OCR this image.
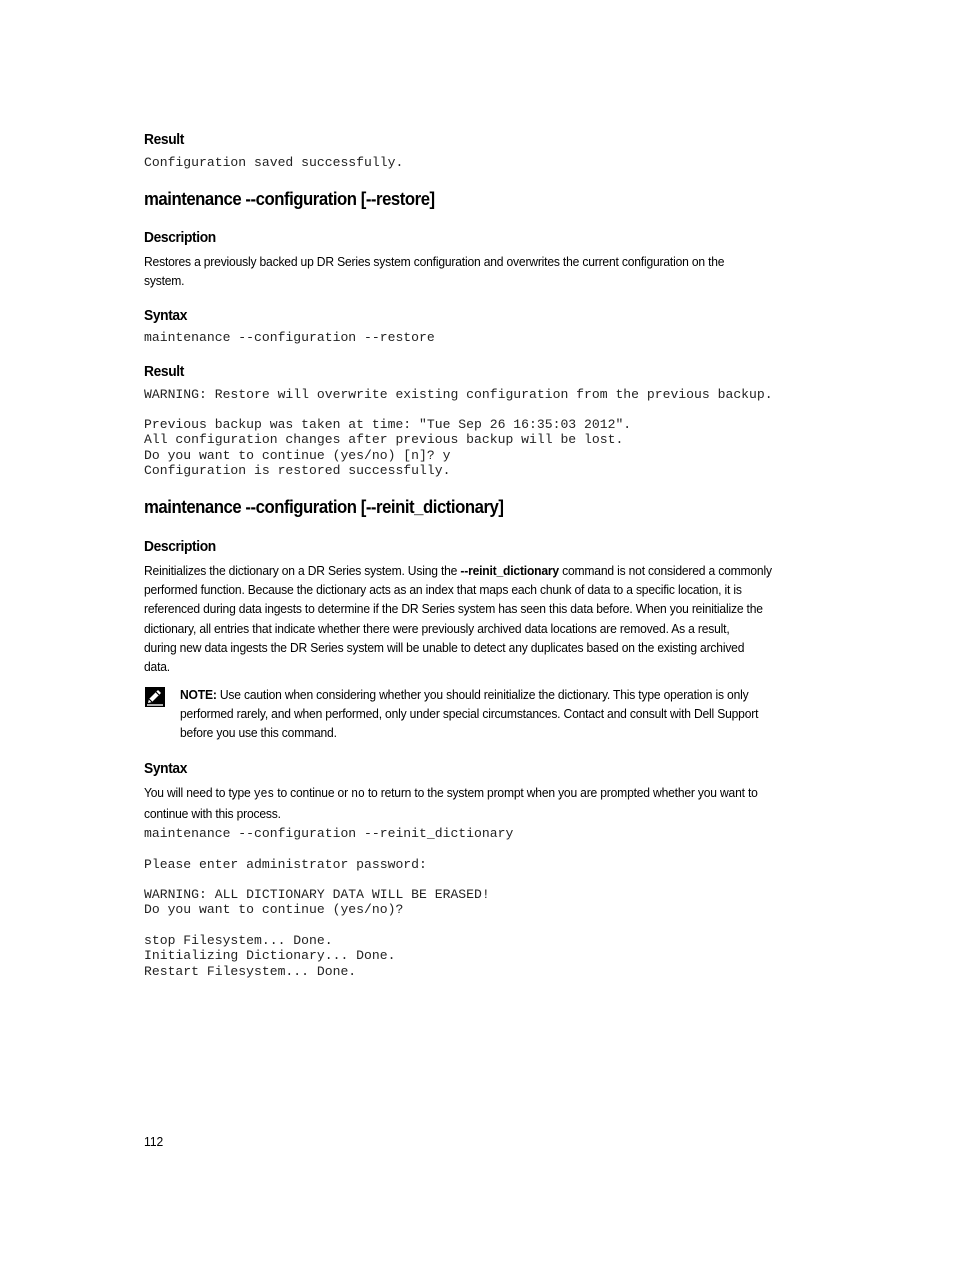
Result
Configuration saved successfully.
maintenance --configuration [--restore]
Description

Restores a previously backed up DR Series system configuration and overwrites the current configuration on the

system.

Syntax
maintenance --configuration --restore
Result
WARNING: Restore will overwrite existing configuration from the previous backup.
Previous backup was taken at time: "Tue Sep 26 16:35:03 2012".
All configuration changes after previous backup will be lost.
Do you want to continue (yes/no) [n]? y
Configuration is restored successfully.
maintenance --configuration [--reinit_dictionary]
Description

Reinitializes the dictionary on a DR Series system. Using the --reinit_dictionary command is not considered a commonly

performed function. Because the dictionary acts as an index that maps each chunk of data to a specific location, it is

referenced during data ingests to determine if the DR Series system has seen this data before. When you reinitialize the

dictionary, all entries that indicate whether there were previously archived data locations are removed. As a result,

during new data ingests the DR Series system will be unable to detect any duplicates based on the existing archived

data.

NOTE: Use caution when considering whether you should reinitialize the dictionary. This type operation is only

performed rarely, and when performed, only under special circumstances. Contact and consult with Dell Support

before you use this command.

Syntax

You will need to type yes to continue or no to return to the system prompt when you are prompted whether you want to

continue with this process.

maintenance --configuration --reinit_dictionary
Please enter administrator password:
WARNING: ALL DICTIONARY DATA WILL BE ERASED!
Do you want to continue (yes/no)?
stop Filesystem... Done.
Initializing Dictionary... Done.
Restart Filesystem... Done.
112
